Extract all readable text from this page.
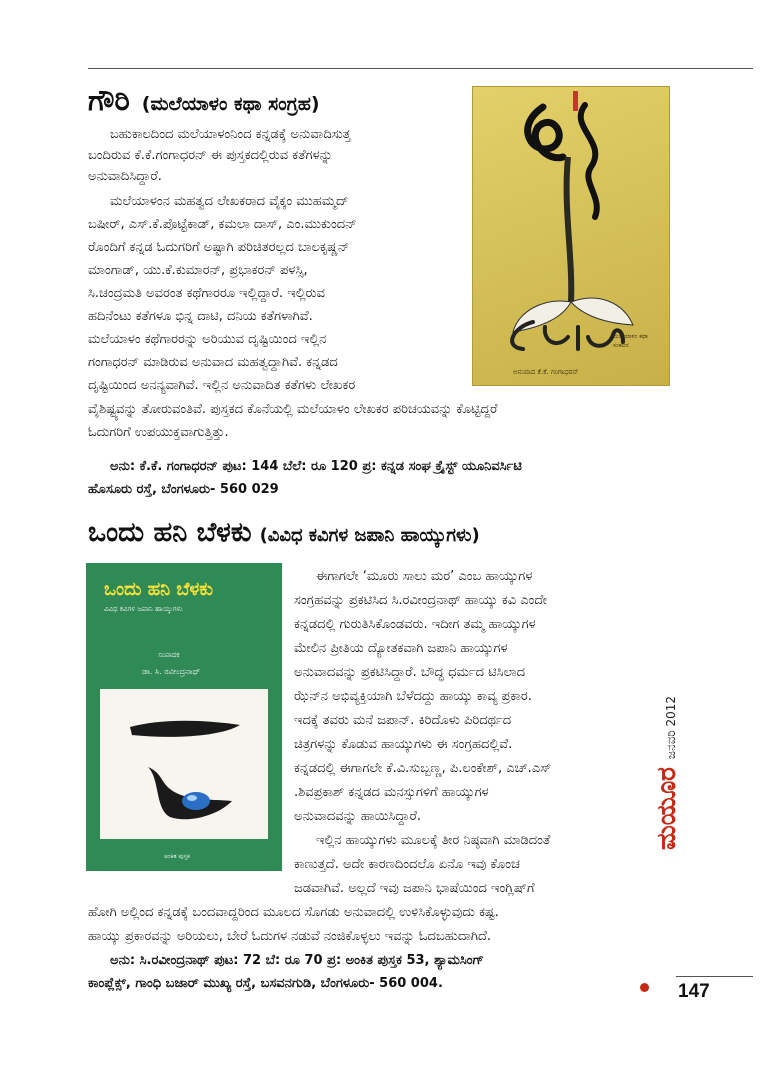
ಗೌರಿ (ಮಲೆಯಾಳಂ ಕಥಾ ಸಂಗ್ರಹ)
ಮಲೆಯಾಳಂ ಕಥಾ ಸಂಕಲನ
ಅನುವಾದ ಕೆ.ಕೆ. ಗಂಗಾಧರನ್
ಬಹುಕಾಲದಿಂದ ಮಲೆಯಾಳಂನಿಂದ ಕನ್ನಡಕ್ಕೆ ಅನುವಾದಿಸುತ್ತ
ಬಂದಿರುವ ಕೆ.ಕೆ.ಗಂಗಾಧರನ್ ಈ ಪುಸ್ತಕದಲ್ಲಿರುವ ಕತೆಗಳನ್ನು
ಅನುವಾದಿಸಿದ್ದಾರೆ.
ಮಲೆಯಾಳಂನ ಮಹತ್ವದ ಲೇಖಕರಾದ ವೈಕ್ಕಂ ಮುಹಮ್ಮದ್
ಬಷೀರ್, ಎಸ್.ಕೆ.ಪೊಟ್ಟೆಕಾಡ್, ಕಮಲಾ ದಾಸ್, ಎಂ.ಮುಕುಂದನ್
ರೊಂದಿಗೆ ಕನ್ನಡ ಓದುಗರಿಗೆ ಅಷ್ಟಾಗಿ ಪರಿಚಿತರಲ್ಲದ ಬಾಲಕೃಷ್ಣನ್
ಮಾಂಗಾಡ್, ಯು.ಕೆ.ಕುಮಾರನ್, ಪ್ರಭಾಕರನ್ ಪಳಸ್ಸಿ,
ಸಿ.ಚಂದ್ರಮತಿ ಅವರಂತ ಕಥೆಗಾರರೂ ಇಲ್ಲಿದ್ದಾರೆ. ಇಲ್ಲಿರುವ
ಹದಿನೆಂಟು ಕತೆಗಳೂ ಭಿನ್ನ ದಾಟಿ, ದನಿಯ ಕತೆಗಳಾಗಿವೆ.
ಮಲೆಯಾಳಂ ಕಥೆಗಾರರನ್ನು ಅರಿಯುವ ದೃಷ್ಟಿಯಿಂದ ಇಲ್ಲಿನ
ಗಂಗಾಧರನ್ ಮಾಡಿರುವ ಅನುವಾದ ಮಹತ್ವದ್ದಾಗಿವೆ. ಕನ್ನಡದ
ದೃಷ್ಟಿಯಿಂದ ಅನನ್ಯವಾಗಿವೆ. ಇಲ್ಲಿನ ಅನುವಾದಿತ ಕತೆಗಳು ಲೇಖಕರ
ವೈಶಿಷ್ಟ್ಯವನ್ನು ತೋರುವಂತಿವೆ. ಪುಸ್ತಕದ ಕೊನೆಯಲ್ಲಿ ಮಲೆಯಾಳಂ ಲೇಖಕರ ಪರಿಚಯವನ್ನು ಕೊಟ್ಟಿದ್ದರೆ
ಓದುಗರಿಗೆ ಉಪಯುಕ್ತವಾಗುತ್ತಿತ್ತು.
ಅನು: ಕೆ.ಕೆ. ಗಂಗಾಧರನ್ ಪುಟ: 144 ಬೆಲೆ: ರೂ 120 ಪ್ರ: ಕನ್ನಡ ಸಂಘ ಕ್ರೈಸ್ಟ್ ಯೂನಿವರ್ಸಿಟಿ
ಹೊಸೂರು ರಸ್ತೆ, ಬೆಂಗಳೂರು- 560 029
ಒಂದು ಹನಿ ಬೆಳಕು (ವಿವಿಧ ಕವಿಗಳ ಜಪಾನಿ ಹಾಯ್ಕುಗಳು)
ಒಂದು ಹನಿ ಬೆಳಕು
ವಿವಿಧ ಕವಿಗಳ ಜಪಾನಿ ಹಾಯ್ಕುಗಳು
ಸಂಪಾದಕ
ಡಾ. ಸಿ. ರವೀಂದ್ರನಾಥ್
ಅಂಕಿತ ಪುಸ್ತಕ
ಈಗಾಗಲೇ ‘ಮೂರು ಸಾಲು ಮರ’ ಎಂಬ ಹಾಯ್ಕುಗಳ
ಸಂಗ್ರಹವನ್ನು ಪ್ರಕಟಿಸಿದ ಸಿ.ರವೀಂದ್ರನಾಥ್ ಹಾಯ್ಕು ಕವಿ ಎಂದೇ
ಕನ್ನಡದಲ್ಲಿ ಗುರುತಿಸಿಕೊಂಡವರು. ಇದೀಗ ತಮ್ಮ ಹಾಯ್ಕುಗಳ
ಮೇಲಿನ ಪ್ರೀತಿಯ ದ್ಯೋತಕವಾಗಿ ಜಪಾನಿ ಹಾಯ್ಕುಗಳ
ಅನುವಾದವನ್ನು ಪ್ರಕಟಿಸಿದ್ದಾರೆ. ಬೌದ್ಧ ಧರ್ಮದ ಟಿಸಿಲಾದ
ಝೆನ್‌ನ ಅಭಿವ್ಯಕ್ತಿಯಾಗಿ ಬೆಳೆದದ್ದು ಹಾಯ್ಕು ಕಾವ್ಯ ಪ್ರಕಾರ.
ಇದಕ್ಕೆ ತವರು ಮನೆ ಜಪಾನ್. ಕಿರಿದೊಳು ಪಿರಿದರ್ಥದ
ಚಿತ್ರಗಳನ್ನು ಕೊಡುವ ಹಾಯ್ಕುಗಳು ಈ ಸಂಗ್ರಹದಲ್ಲಿವೆ.
ಕನ್ನಡದಲ್ಲಿ ಈಗಾಗಲೇ ಕೆ.ವಿ.ಸುಬ್ಬಣ್ಣ, ಪಿ.ಲಂಕೇಶ್, ಎಚ್.ಎಸ್
.ಶಿವಪ್ರಕಾಶ್ ಕನ್ನಡದ ಮನಸ್ಸುಗಳಿಗೆ ಹಾಯ್ಕುಗಳ
ಅನುವಾದವನ್ನು ಹಾಯಿಸಿದ್ದಾರೆ.
ಇಲ್ಲಿನ ಹಾಯ್ಕುಗಳು ಮೂಲಕ್ಕೆ ತೀರ ನಿಷ್ಠವಾಗಿ ಮಾಡಿದಂತೆ
ಕಾಣುತ್ತದೆ. ಅದೇ ಕಾರಣದಿಂದಲೊ ಏನೊ ಇವು ಕೊಂಚ
ಜಡವಾಗಿವೆ. ಅಲ್ಲದೆ ಇವು ಜಪಾನಿ ಭಾಷೆಯಿಂದ ಇಂಗ್ಲಿಷ್‌ಗೆ
ಹೋಗಿ ಅಲ್ಲಿಂದ ಕನ್ನಡಕ್ಕೆ ಬಂದವಾದ್ದರಿಂದ ಮೂಲದ ಸೊಗಡು ಅನುವಾದಲ್ಲಿ ಉಳಿಸಿಕೊಳ್ಳುವುದು ಕಷ್ಟ.
ಹಾಯ್ಕು ಪ್ರಕಾರವನ್ನು ಅರಿಯಲು, ಬೇರೆ ಓದುಗಳ ನಡುವೆ ನಂಜಿಕೊಳ್ಳಲು ಇವನ್ನು ಓದಬಹುದಾಗಿದೆ.
ಅನು: ಸಿ.ರವೀಂದ್ರನಾಥ್ ಪುಟ: 72 ಬೆ: ರೂ 70 ಪ್ರ: ಅಂಕಿತ ಪುಸ್ತಕ 53, ಶ್ಯಾಮಸಿಂಗ್
ಕಾಂಪ್ಲೆಕ್ಸ್, ಗಾಂಧಿ ಬಜಾರ್ ಮುಖ್ಯ ರಸ್ತೆ, ಬಸವನಗುಡಿ, ಬೆಂಗಳೂರು- 560 004.
ಮಯೂರಜನವರಿ 2012
147
